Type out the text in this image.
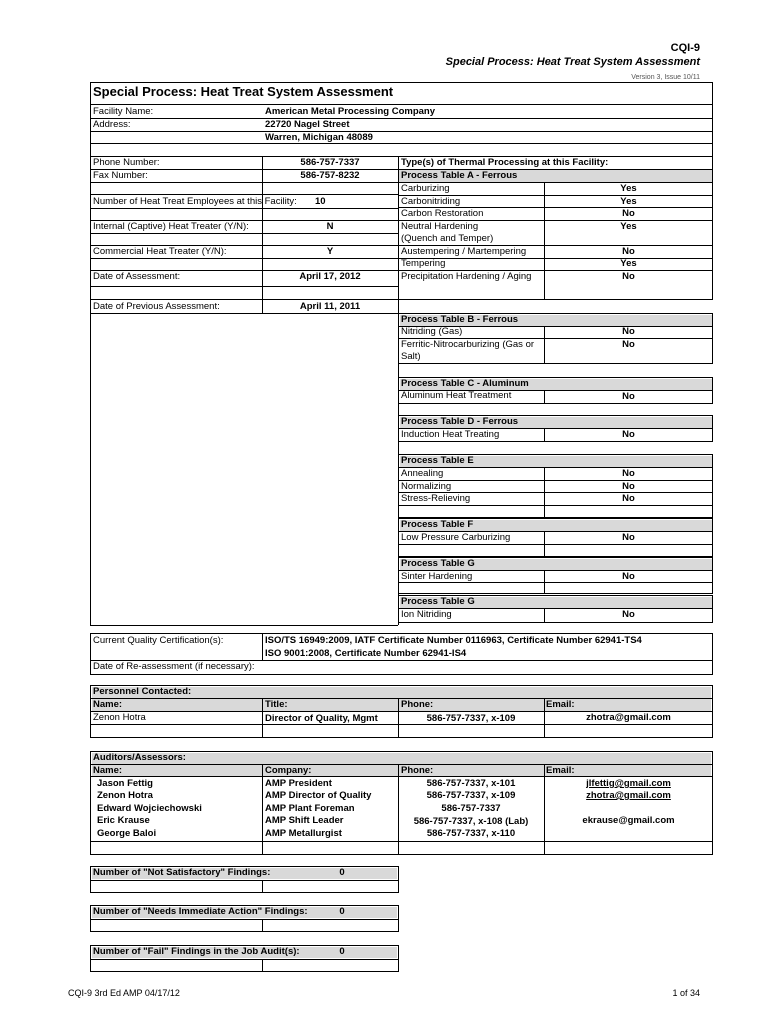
CQI-9
Special Process: Heat Treat System Assessment
Version 3, Issue 10/11
Special Process: Heat Treat System Assessment
Facility Name:	American Metal Processing Company
Address:	22720 Nagel Street
Warren, Michigan 48089
Phone Number:	586-757-7337
Fax Number:	586-757-8232
Number of Heat Treat Employees at this Facility: 10
Internal (Captive) Heat Treater (Y/N):	N
Commercial Heat Treater (Y/N):	Y
Date of Assessment:	April 17, 2012
Type(s) of Thermal Processing at this Facility:
Process Table A - Ferrous
Carburizing	Yes
Carbonitriding	Yes
Carbon Restoration	No
Neutral Hardening	Yes
(Quench and Temper)
Austempering / Martempering	No
Tempering	Yes
Precipitation Hardening / Aging	No
Date of Previous Assessment:	April 11, 2011
Process Table B - Ferrous
Nitriding (Gas)	No
Ferritic-Nitrocarburizing (Gas or
Salt)
No
Process Table C - Aluminum
Aluminum Heat Treatment	No
Process Table D - Ferrous
Induction Heat Treating	No
Process Table E
Annealing	No
Normalizing	No
Stress-Relieving	No
Process Table F
Low Pressure Carburizing	No
Process Table G
Sinter Hardening	No
Process Table G
Ion Nitriding	No
Current Quality Certification(s):	ISO/TS 16949:2009, IATF Certificate Number 0116963, Certificate Number 62941-TS4
ISO 9001:2008, Certificate Number 62941-IS4
Date of Re-assessment (if necessary):
Personnel Contacted:
Name:	Title:	Phone:	Email:
Zenon Hotra	Director of Quality, Mgmt	586-757-7337, x-109	zhotra@gmail.com
Auditors/Assessors:
Name:	Company:	Phone:	Email:
Jason Fettig	AMP President	586-757-7337, x-101	jlfettig@gmail.com
Zenon Hotra	AMP Director of Quality	586-757-7337, x-109	zhotra@gmail.com
Edward Wojciechowski	AMP Plant Foreman	586-757-7337
Eric Krause	AMP Shift Leader	586-757-7337, x-108 (Lab)	ekrause@gmail.com
George Baloi	AMP Metallurgist	586-757-7337, x-110
Number of "Not Satisfactory" Findings:	0
Number of "Needs Immediate Action" Findings:	0
Number of "Fail" Findings in the Job Audit(s):	0
CQI-9 3rd Ed AMP 04/17/12	1 of 34
